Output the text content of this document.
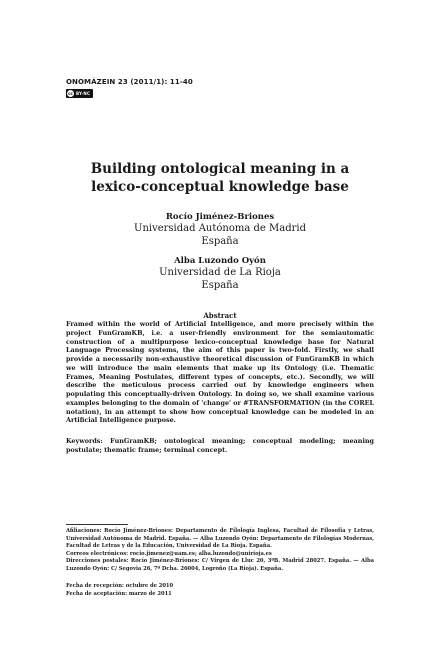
ONOMÁZEIN 23 (2011/1): 11-40
cc BY-NC
Building ontological meaning in a
lexico-conceptual knowledge base
Rocío Jiménez-Briones
Universidad Autónoma de Madrid
España
Alba Luzondo Oyón
Universidad de La Rioja
España
Abstract
Framed within the world of Artificial Intelligence, and more precisely within the project FunGramKB, i.e. a user-friendly environment for the semiautomatic construction of a multipurpose lexico-conceptual knowledge base for Natural Language Processing systems, the aim of this paper is two-fold. Firstly, we shall provide a necessarily non-exhaustive theoretical discussion of FunGramKB in which we will introduce the main elements that make up its Ontology (i.e. Thematic Frames, Meaning Postulates, different types of concepts, etc.). Secondly, we will describe the meticulous process carried out by knowledge engineers when populating this conceptually-driven Ontology. In doing so, we shall examine various examples belonging to the domain of 'change' or #TRANSFORMATION (in the COREL notation), in an attempt to show how conceptual knowledge can be modeled in an Artificial Intelligence purpose.
Keywords: FunGramKB; ontological meaning; conceptual modeling; meaning postulate; thematic frame; terminal concept.

Afiliaciones: Rocío Jiménez-Briones: Departamento de Filología Inglesa, Facultad de Filosofía y Letras, Universidad Autónoma de Madrid. España. — Alba Luzondo Oyón: Departamento de Filologías Modernas, Facultad de Letras y de la Educación, Universidad de La Rioja. España.

Correos electrónicos: rocio.jimenez@uam.es; alba.luzondo@unirioja.es

Direcciones postales: Rocío Jiménez-Briones: C/ Virgen de Lluc 20, 3ºB. Madrid 28027. España. — Alba Luzondo Oyón: C/ Segovia 26, 7º Dcha. 26004, Logroño (La Rioja). España.

Fecha de recepción: octubre de 2010

Fecha de aceptación: marzo de 2011
